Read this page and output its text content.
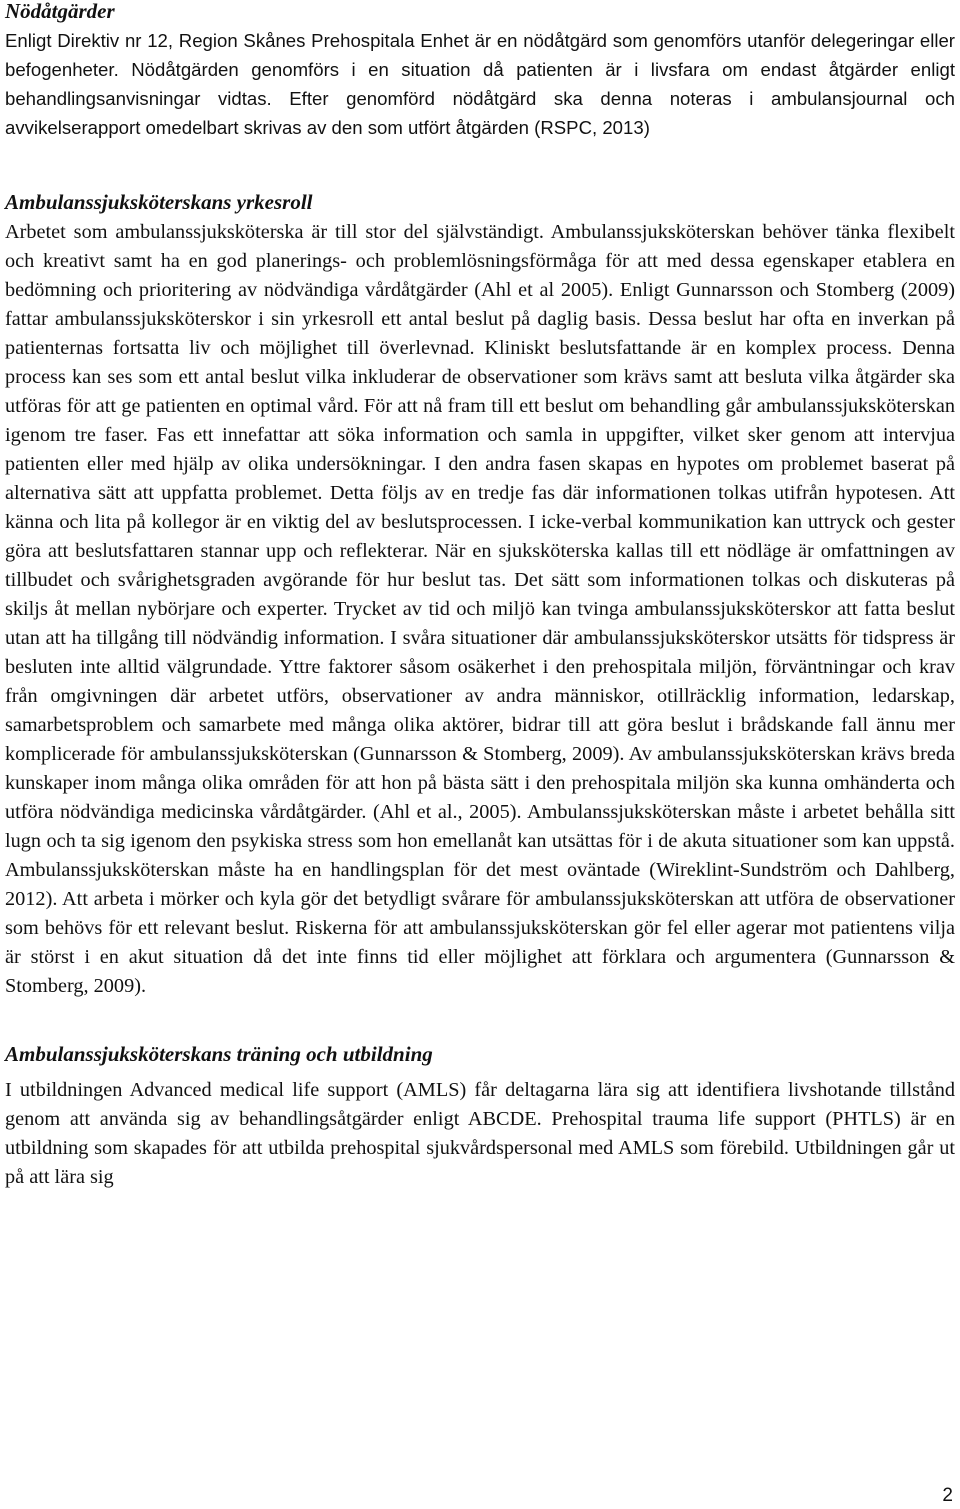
Nödåtgärder

Enligt Direktiv nr 12, Region Skånes Prehospitala Enhet är en nödåtgärd som genomförs utanför delegeringar eller befogenheter. Nödåtgärden genomförs i en situation då patienten är i livsfara om endast åtgärder enligt behandlingsanvisningar vidtas. Efter genomförd nödåtgärd ska denna noteras i ambulansjournal och avvikelserapport omedelbart skrivas av den som utfört åtgärden (RSPC, 2013)

Ambulanssjuksköterskans yrkesroll

Arbetet som ambulanssjuksköterska är till stor del självständigt. Ambulanssjuksköterskan behöver tänka flexibelt och kreativt samt ha en god planerings- och problemlösningsförmåga för att med dessa egenskaper etablera en bedömning och prioritering av nödvändiga vårdåtgärder (Ahl et al 2005). Enligt Gunnarsson och Stomberg (2009) fattar ambulanssjuksköterskor i sin yrkesroll ett antal beslut på daglig basis. Dessa beslut har ofta en inverkan på patienternas fortsatta liv och möjlighet till överlevnad. Kliniskt beslutsfattande är en komplex process. Denna process kan ses som ett antal beslut vilka inkluderar de observationer som krävs samt att besluta vilka åtgärder ska utföras för att ge patienten en optimal vård. För att nå fram till ett beslut om behandling går ambulanssjuksköterskan igenom tre faser. Fas ett innefattar att söka information och samla in uppgifter, vilket sker genom att intervjua patienten eller med hjälp av olika undersökningar. I den andra fasen skapas en hypotes om problemet baserat på alternativa sätt att uppfatta problemet. Detta följs av en tredje fas där informationen tolkas utifrån hypotesen. Att känna och lita på kollegor är en viktig del av beslutsprocessen. I icke-verbal kommunikation kan uttryck och gester göra att beslutsfattaren stannar upp och reflekterar. När en sjuksköterska kallas till ett nödläge är omfattningen av tillbudet och svårighetsgraden avgörande för hur beslut tas. Det sätt som informationen tolkas och diskuteras på skiljs åt mellan nybörjare och experter. Trycket av tid och miljö kan tvinga ambulanssjuksköterskor att fatta beslut utan att ha tillgång till nödvändig information. I svåra situationer där ambulanssjuksköterskor utsätts för tidspress är besluten inte alltid välgrundade. Yttre faktorer såsom osäkerhet i den prehospitala miljön, förväntningar och krav från omgivningen där arbetet utförs, observationer av andra människor, otillräcklig information, ledarskap, samarbetsproblem och samarbete med många olika aktörer, bidrar till att göra beslut i brådskande fall ännu mer komplicerade för ambulanssjuksköterskan (Gunnarsson & Stomberg, 2009). Av ambulanssjuksköterskan krävs breda kunskaper inom många olika områden för att hon på bästa sätt i den prehospitala miljön ska kunna omhänderta och utföra nödvändiga medicinska vårdåtgärder. (Ahl et al., 2005). Ambulanssjuksköterskan måste i arbetet behålla sitt lugn och ta sig igenom den psykiska stress som hon emellanåt kan utsättas för i de akuta situationer som kan uppstå. Ambulanssjuksköterskan måste ha en handlingsplan för det mest oväntade (Wireklint-Sundström och Dahlberg, 2012). Att arbeta i mörker och kyla gör det betydligt svårare för ambulanssjuksköterskan att utföra de observationer som behövs för ett relevant beslut. Riskerna för att ambulanssjuksköterskan gör fel eller agerar mot patientens vilja är störst i en akut situation då det inte finns tid eller möjlighet att förklara och argumentera (Gunnarsson & Stomberg, 2009).

Ambulanssjuksköterskans träning och utbildning

I utbildningen Advanced medical life support (AMLS) får deltagarna lära sig att identifiera livshotande tillstånd genom att använda sig av behandlingsåtgärder enligt ABCDE. Prehospital trauma life support (PHTLS) är en utbildning som skapades för att utbilda prehospital sjukvårdspersonal med AMLS som förebild. Utbildningen går ut på att lära sig

2
